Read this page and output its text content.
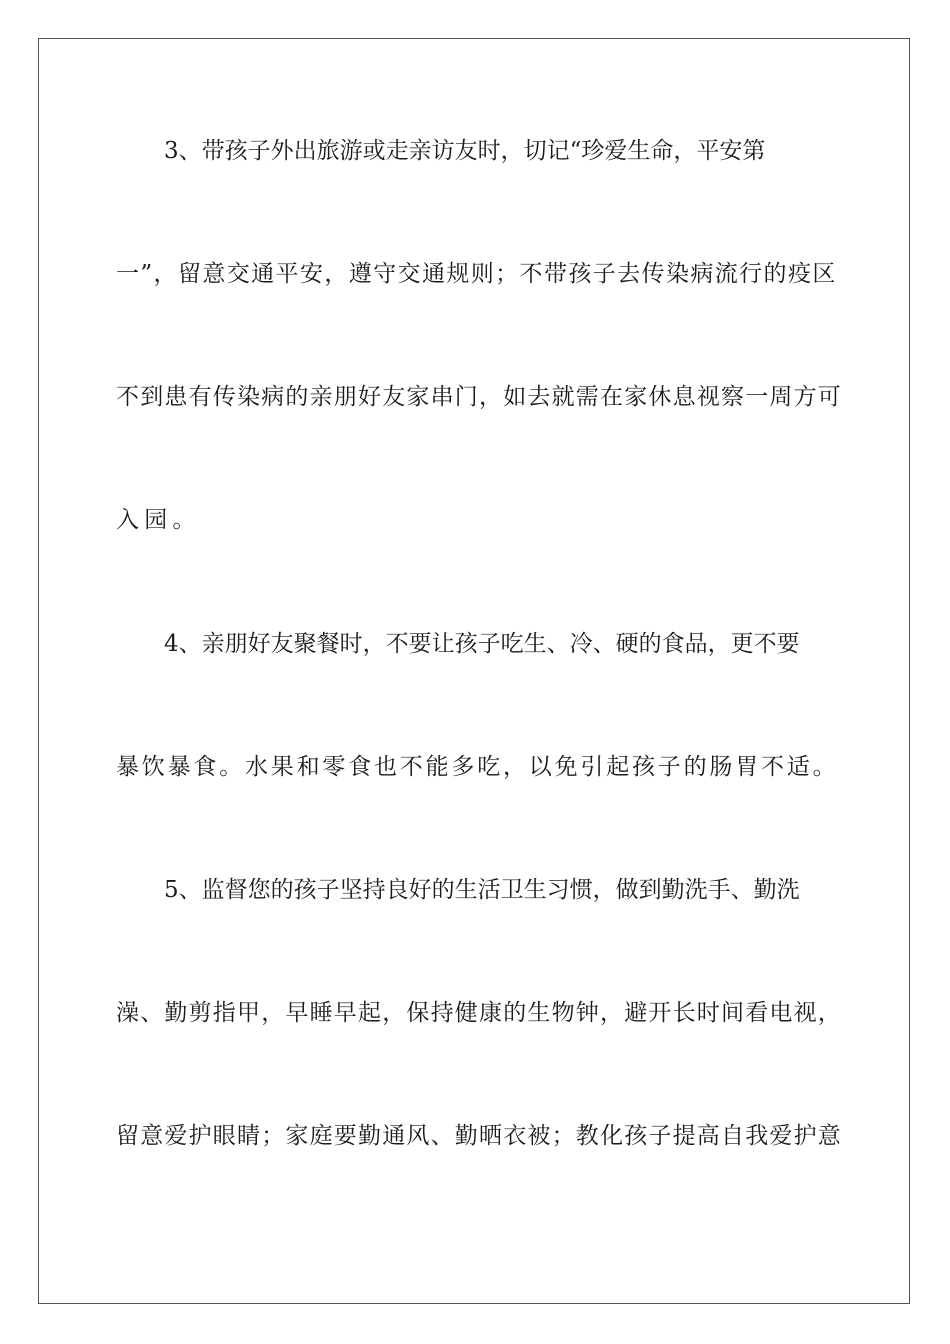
3、带孩子外出旅游或走亲访友时，切记“珍爱生命，平安第
一”，留意交通平安，遵守交通规则；不带孩子去传染病流行的疫区
不到患有传染病的亲朋好友家串门，如去就需在家休息视察一周方可
入园。
4、亲朋好友聚餐时，不要让孩子吃生、冷、硬的食品，更不要
暴饮暴食。水果和零食也不能多吃，以免引起孩子的肠胃不适。
5、监督您的孩子坚持良好的生活卫生习惯，做到勤洗手、勤洗
澡、勤剪指甲，早睡早起，保持健康的生物钟，避开长时间看电视，
留意爱护眼睛；家庭要勤通风、勤晒衣被；教化孩子提高自我爱护意
